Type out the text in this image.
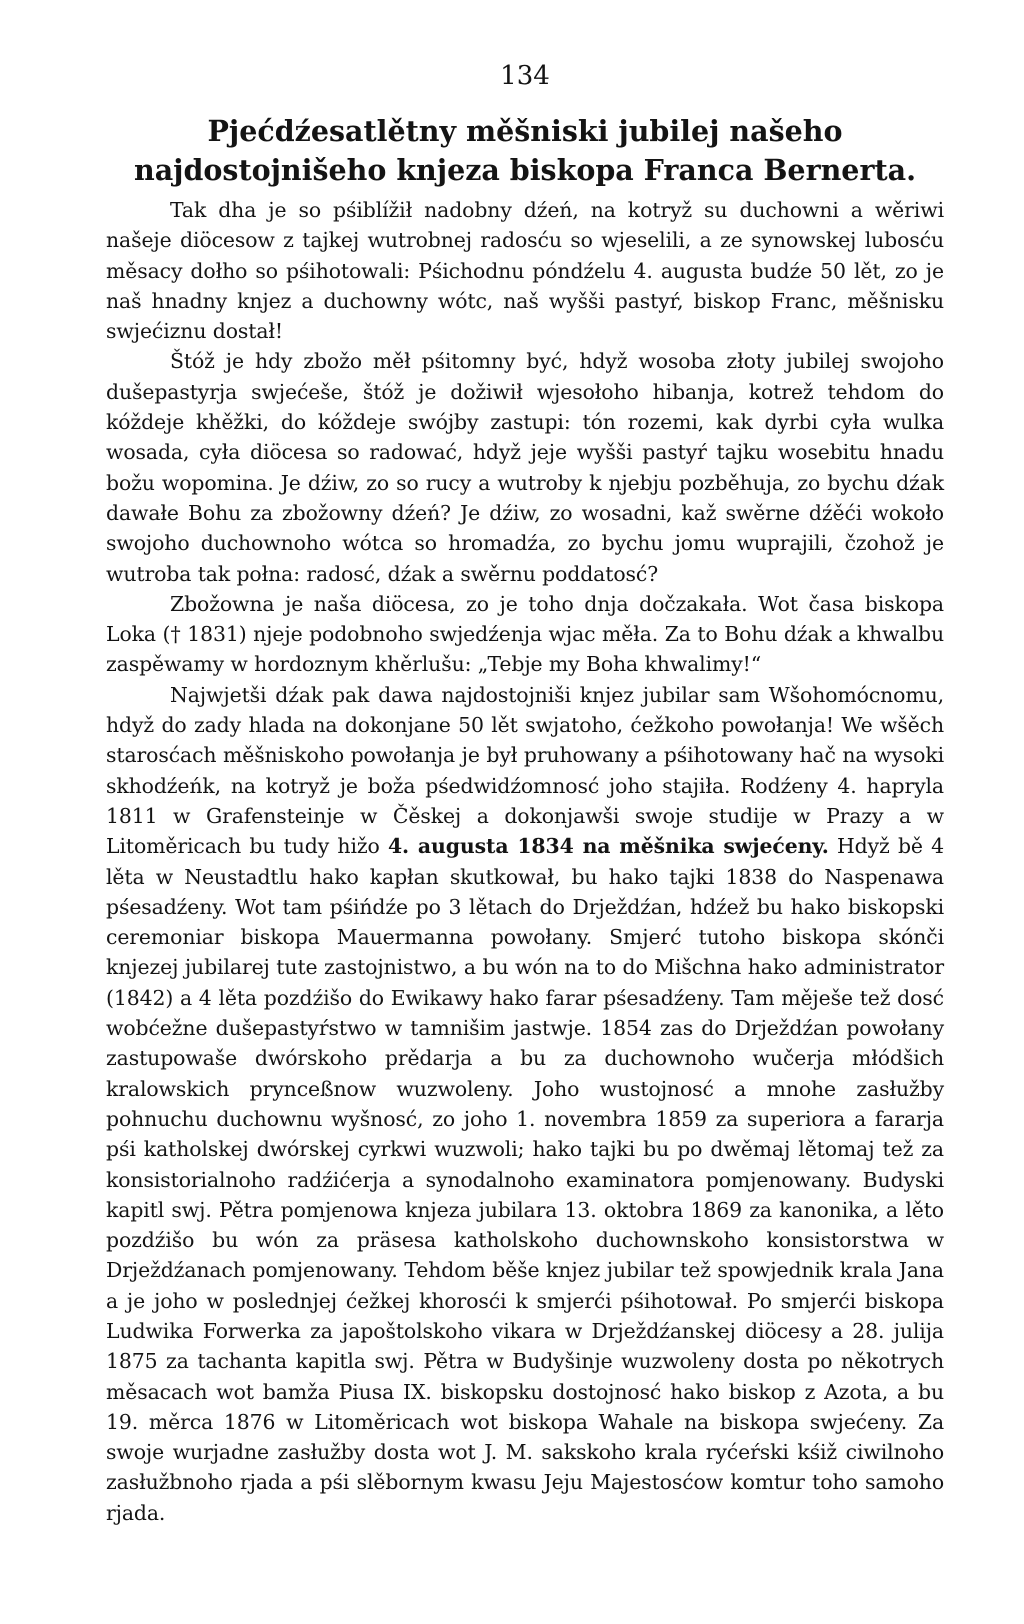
134
Pjećdźesatlětny měšniski jubilej našeho najdostojnišeho knjeza biskopa Franca Bernerta.

Tak dha je so pśiblížił nadobny dźeń, na kotryž su duchowni a wěriwi našeje diöcesow z tajkej wutrobnej radosću so wjeselili, a ze synowskej lubosću měsacy dołho so pśihotowali: Pśichodnu póndźelu 4. augusta budźe 50 lět, zo je naš hnadny knjez a duchowny wótc, naš wyšši pastyŕ, biskop Franc, měšnisku swjećiznu dostał!

Štóž je hdy zbožo měł pśitomny być, hdyž wosoba złoty jubilej swojoho dušepastyrja swjećeše, štóž je dožiwił wjesołoho hibanja, kotrež tehdom do kóždeje khěžki, do kóždeje swójby zastupi: tón rozemi, kak dyrbi cyła wulka wosada, cyła diöcesa so radować, hdyž jeje wyšši pastyŕ tajku wosebitu hnadu božu wopomina. Je dźiw, zo so rucy a wutroby k njebju pozběhuja, zo bychu dźak dawałe Bohu za zbožowny dźeń? Je dźiw, zo wosadni, kaž swěrne dźěći wokoło swojoho duchownoho wótca so hromadźa, zo bychu jomu wuprajili, čzohož je wutroba tak połna: radosć, dźak a swěrnu poddatosć?

Zbožowna je naša diöcesa, zo je toho dnja dočzakała. Wot časa biskopa Loka († 1831) njeje podobnoho swjedźenja wjac měła. Za to Bohu dźak a khwalbu zaspěwamy w hordoznym khěrlušu: „Tebje my Boha khwalimy!“

Najwjetši dźak pak dawa najdostojniši knjez jubilar sam Wšohomócnomu, hdyž do zady hlada na dokonjane 50 lět swjatoho, ćežkoho powołanja! We wšěch starosćach měšniskoho powołanja je był pruhowany a pśihotowany hač na wysoki skhodźeńk, na kotryž je boža pśedwidźomnosć joho stajiła. Rodźeny 4. hapryla 1811 w Grafensteinje w Čěskej a dokonjawši swoje studije w Prazy a w Litoměricach bu tudy hižo 4. augusta 1834 na měšnika swjećeny. Hdyž bě 4 lěta w Neustadtlu hako kapłan skutkował, bu hako tajki 1838 do Naspenawa pśesadźeny. Wot tam pśińdźe po 3 lětach do Drježdźan, hdźež bu hako biskopski ceremoniar biskopa Mauermanna powołany. Smjerć tutoho biskopa skónči knjezej jubilarej tute zastojnistwo, a bu wón na to do Mišchna hako administrator (1842) a 4 lěta pozdźišo do Ewikawy hako farar pśesadźeny. Tam měješe tež dosć wobćežne dušepastyŕstwo w tamnišim jastwje. 1854 zas do Drježdźan powołany zastupowaše dwórskoho prědarja a bu za duchownoho wučerja młódšich kralowskich prynceßnow wuzwoleny. Joho wustojnosć a mnohe zasłužby pohnuchu duchownu wyšnosć, zo joho 1. novembra 1859 za superiora a fararja pśi katholskej dwórskej cyrkwi wuzwoli; hako tajki bu po dwěmaj lětomaj tež za konsistorialnoho radźićerja a synodalnoho examinatora pomjenowany. Budyski kapitl swj. Pětra pomjenowa knjeza jubilara 13. oktobra 1869 za kanonika, a lěto pozdźišo bu wón za präsesa katholskoho duchownskoho konsistorstwa w Drježdźanach pomjenowany. Tehdom běše knjez jubilar tež spowjednik krala Jana a je joho w poslednjej ćežkej khorosći k smjerći pśihotował. Po smjerći biskopa Ludwika Forwerka za japoštolskoho vikara w Drježdźanskej diöcesy a 28. julija 1875 za tachanta kapitla swj. Pětra w Budyšinje wuzwoleny dosta po někotrych měsacach wot bamža Piusa IX. biskopsku dostojnosć hako biskop z Azota, a bu 19. měrca 1876 w Litoměricach wot biskopa Wahale na biskopa swjećeny. Za swoje wurjadne zasłužby dosta wot J. M. sakskoho krala ryćeŕski kśiž ciwilnoho zasłužbnoho rjada a pśi slěbornym kwasu Jeju Majestosćow komtur toho samoho rjada.
